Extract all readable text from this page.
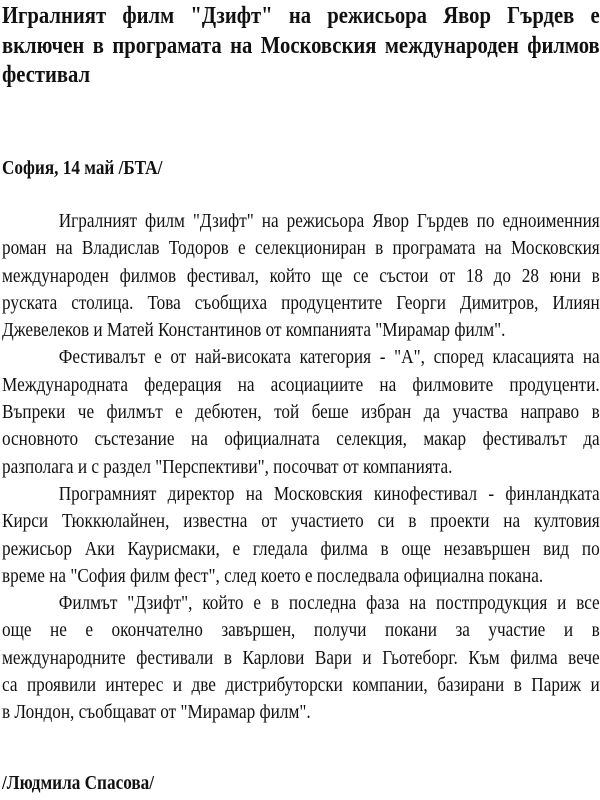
Игралният филм "Дзифт" на режисьора Явор Гърдев е
включен в програмата на Московския международен филмов
фестивал
София, 14 май /БТА/
Игралният филм "Дзифт" на режисьора Явор Гърдев по едноименния
роман на Владислав Тодоров е селекциониран в програмата на Московския
международен филмов фестивал, който ще се състои от 18 до 28 юни в
руската столица. Това съобщиха продуцентите Георги Димитров, Илиян
Джевелеков и Матей Константинов от компанията "Мирамар филм".
Фестивалът е от най-високата категория - "А", според класацията на
Международната федерация на асоциациите на филмовите продуценти.
Въпреки че филмът е дебютен, той беше избран да участва направо в
основното състезание на официалната селекция, макар фестивалът да
разполага и с раздел "Перспективи", посочват от компанията.
Програмният директор на Московския кинофестивал - финландката
Кирси Тюккюлайнен, известна от участието си в проекти на култовия
режисьор Аки Каурисмаки, е гледала филма в още незавършен вид по
време на "София филм фест", след което е последвала официална покана.
Филмът "Дзифт", който е в последна фаза на постпродукция и все
още не е окончателно завършен, получи покани за участие и в
международните фестивали в Карлови Вари и Гьотеборг. Към филма вече
са проявили интерес и две дистрибуторски компании, базирани в Париж и
в Лондон, съобщават от "Мирамар филм".
/Людмила Спасова/
